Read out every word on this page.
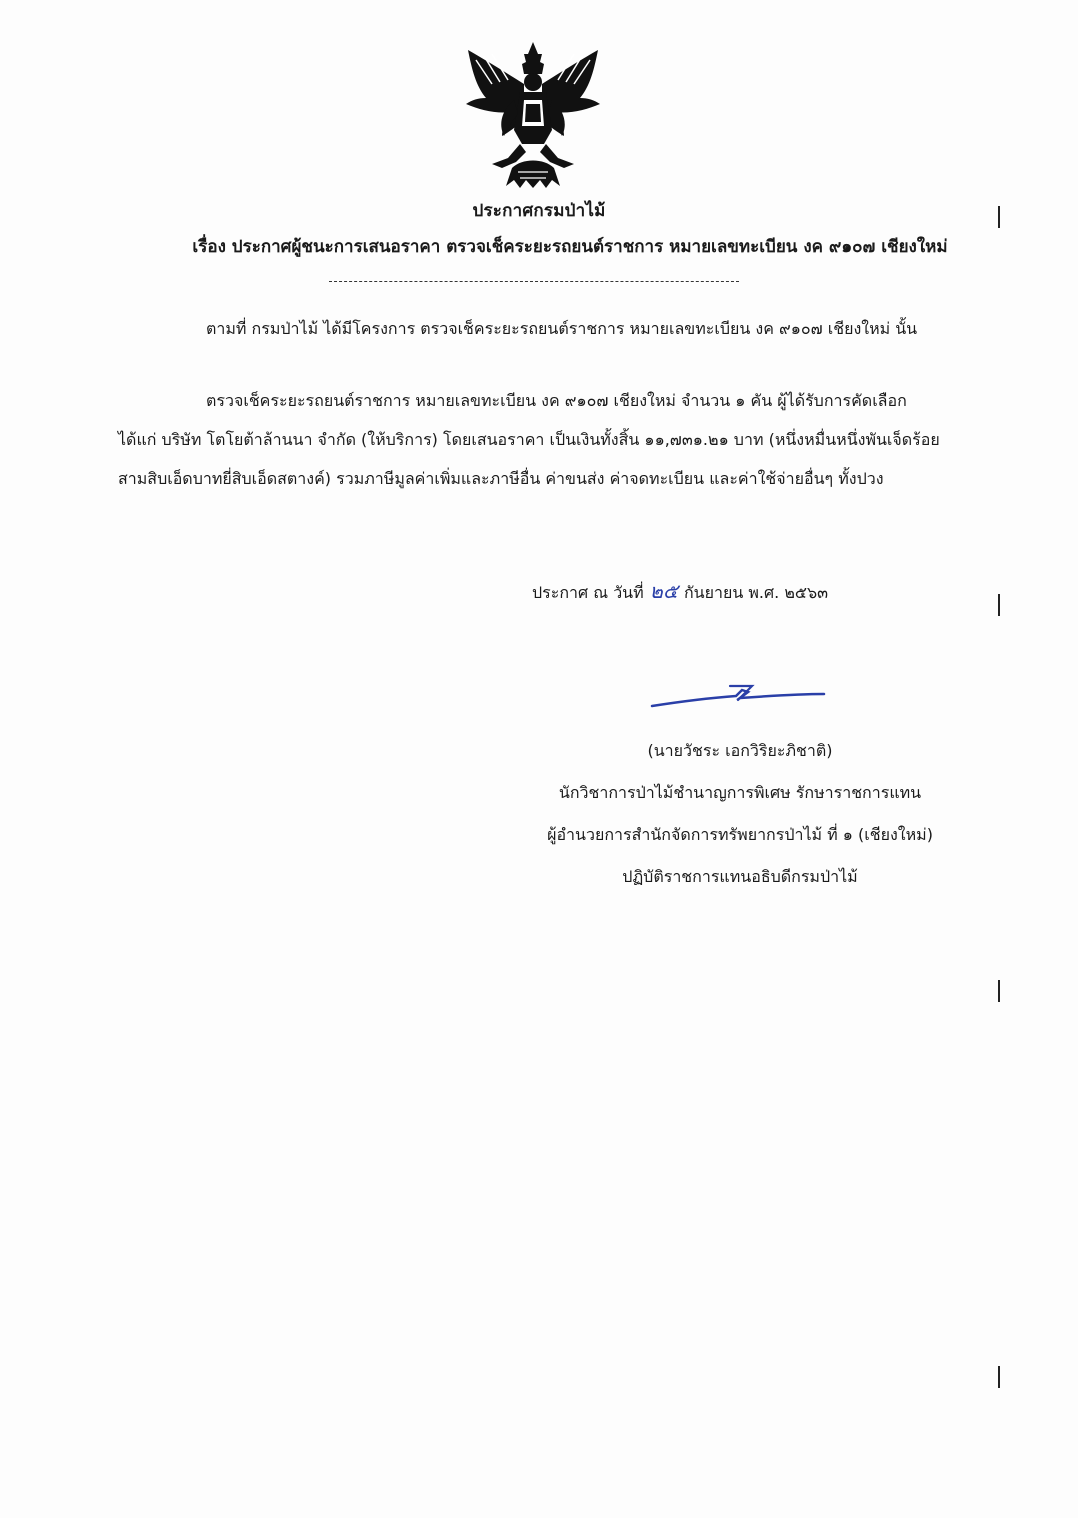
ประกาศกรมป่าไม้
เรื่อง ประกาศผู้ชนะการเสนอราคา ตรวจเช็คระยะรถยนต์ราชการ หมายเลขทะเบียน งค ๙๑๐๗ เชียงใหม่
ตามที่ กรมป่าไม้ ได้มีโครงการ ตรวจเช็คระยะรถยนต์ราชการ หมายเลขทะเบียน งค ๙๑๐๗ เชียงใหม่ นั้น
ตรวจเช็คระยะรถยนต์ราชการ หมายเลขทะเบียน งค ๙๑๐๗ เชียงใหม่ จำนวน ๑ คัน ผู้ได้รับการคัดเลือก ได้แก่ บริษัท โตโยต้าล้านนา จำกัด (ให้บริการ) โดยเสนอราคา เป็นเงินทั้งสิ้น ๑๑,๗๓๑.๒๑ บาท (หนึ่งหมื่นหนึ่งพันเจ็ดร้อยสามสิบเอ็ดบาทยี่สิบเอ็ดสตางค์) รวมภาษีมูลค่าเพิ่มและภาษีอื่น ค่าขนส่ง ค่าจดทะเบียน และค่าใช้จ่ายอื่นๆ ทั้งปวง
ประกาศ ณ วันที่ ๒๕ กันยายน พ.ศ. ๒๕๖๓
(นายวัชระ เอกวิริยะภิชาติ)
นักวิชาการป่าไม้ชำนาญการพิเศษ รักษาราชการแทน
ผู้อำนวยการสำนักจัดการทรัพยากรป่าไม้ ที่ ๑ (เชียงใหม่)
ปฏิบัติราชการแทนอธิบดีกรมป่าไม้
